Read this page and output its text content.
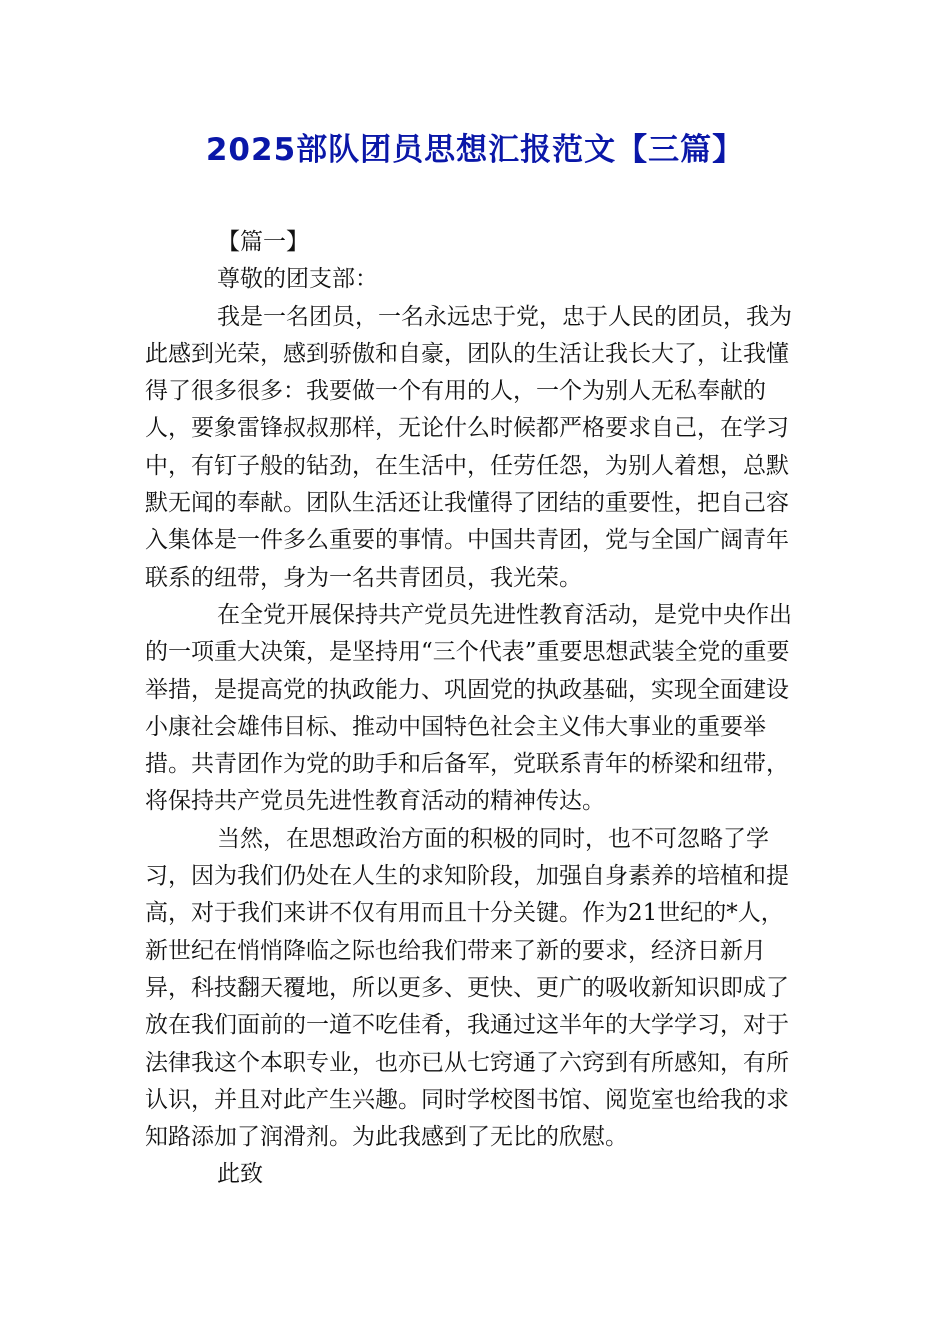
2025部队团员思想汇报范文【三篇】

【篇一】

尊敬的团支部：

我是一名团员，一名永远忠于党，忠于人民的团员，我为此感到光荣，感到骄傲和自豪，团队的生活让我长大了，让我懂得了很多很多：我要做一个有用的人，一个为别人无私奉献的人，要象雷锋叔叔那样，无论什么时候都严格要求自己，在学习中，有钉子般的钻劲，在生活中，任劳任怨，为别人着想，总默默无闻的奉献。团队生活还让我懂得了团结的重要性，把自己容入集体是一件多么重要的事情。中国共青团，党与全国广阔青年联系的纽带，身为一名共青团员，我光荣。

在全党开展保持共产党员先进性教育活动，是党中央作出的一项重大决策，是坚持用“三个代表”重要思想武装全党的重要举措，是提高党的执政能力、巩固党的执政基础，实现全面建设小康社会雄伟目标、推动中国特色社会主义伟大事业的重要举措。共青团作为党的助手和后备军，党联系青年的桥梁和纽带，将保持共产党员先进性教育活动的精神传达。

当然，在思想政治方面的积极的同时，也不可忽略了学习，因为我们仍处在人生的求知阶段，加强自身素养的培植和提高，对于我们来讲不仅有用而且十分关键。作为21世纪的*人，新世纪在悄悄降临之际也给我们带来了新的要求，经济日新月异，科技翻天覆地，所以更多、更快、更广的吸收新知识即成了放在我们面前的一道不吃佳肴，我通过这半年的大学学习，对于法律我这个本职专业，也亦已从七窍通了六窍到有所感知，有所认识，并且对此产生兴趣。同时学校图书馆、阅览室也给我的求知路添加了润滑剂。为此我感到了无比的欣慰。

此致
